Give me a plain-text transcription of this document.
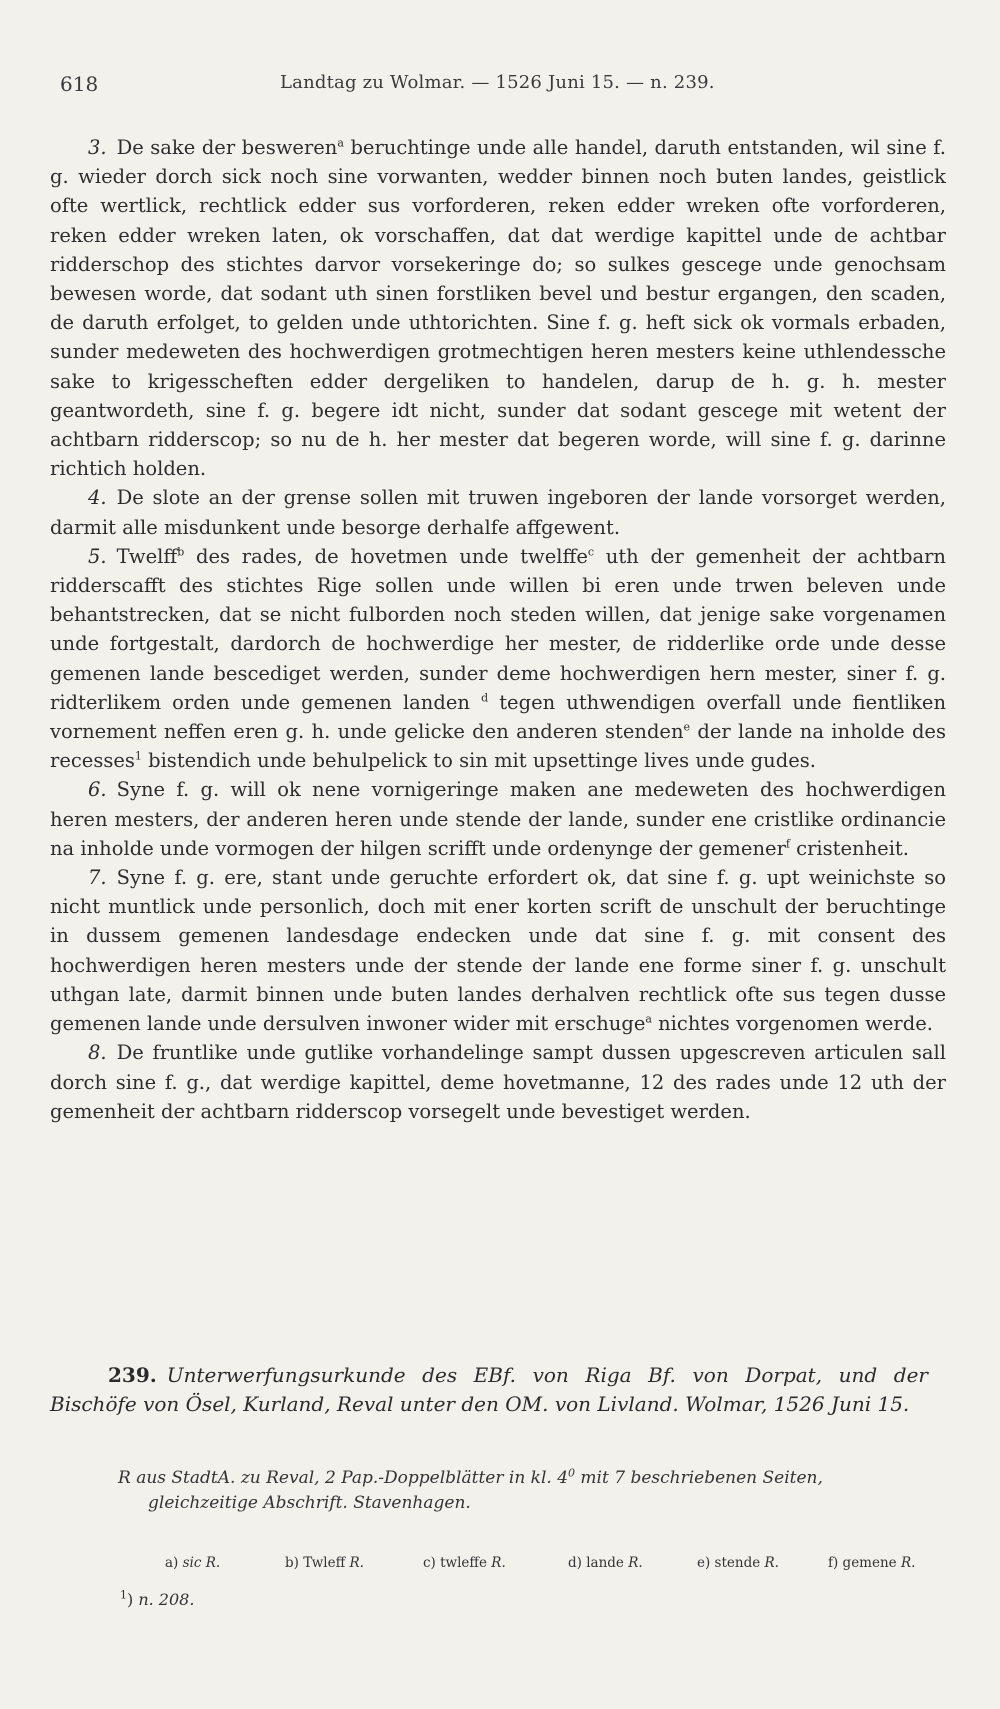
618	Landtag zu Wolmar. — 1526 Juni 15. — n. 239.

3. De sake der besweren$^a$ beruchtinge unde alle handel, daruth entstanden, wil sine f. g. wieder dorch sick noch sine vorwanten, wedder binnen noch buten landes, geistlick ofte wertlick, rechtlick edder sus vorforderen, reken edder wreken ofte vorforderen, reken edder wreken laten, ok vorschaffen, dat dat werdige kapittel unde de achtbar ridderschop des stichtes darvor vorsekeringe do; so sulkes gescege unde genochsam bewesen worde, dat sodant uth sinen forstliken bevel und bestur ergangen, den scaden, de daruth erfolget, to gelden unde uthtorichten. Sine f. g. heft sick ok vormals erbaden, sunder medeweten des hochwerdigen grotmechtigen heren mesters keine uthlendessche sake to krigesscheften edder dergeliken to handelen, darup de h. g. h. mester geantwordeth, sine f. g. begere idt nicht, sunder dat sodant gescege mit wetent der achtbarn ridderscop; so nu de h. her mester dat begeren worde, will sine f. g. darinne richtich holden.

4. De slote an der grense sollen mit truwen ingeboren der lande vorsorget werden, darmit alle misdunkent unde besorge derhalfe affgewent.

5. Twelff$^b$ des rades, de hovetmen unde twelffe$^c$ uth der gemenheit der achtbarn ridderscafft des stichtes Rige sollen unde willen bi eren unde trwen beleven unde behantstrecken, dat se nicht fulborden noch steden willen, dat jenige sake vorgenamen unde fortgestalt, dardorch de hochwerdige her mester, de ridderlike orde unde desse gemenen lande bescediget werden, sunder deme hochwerdigen hern mester, siner f. g. ridterlikem orden unde gemenen landen $^d$ tegen uthwendigen overfall unde fientliken vornement neffen eren g. h. unde gelicke den anderen stenden$^e$ der lande na inholde des recesses$^1$ bistendich unde behulpelick to sin mit upsettinge lives unde gudes.

6. Syne f. g. will ok nene vornigeringe maken ane medeweten des hochwerdigen heren mesters, der anderen heren unde stende der lande, sunder ene cristlike ordinancie na inholde unde vormogen der hilgen scrifft unde ordenynge der gemener$^f$ cristenheit.

7. Syne f. g. ere, stant unde geruchte erfordert ok, dat sine f. g. upt weinichste so nicht muntlick unde personlich, doch mit ener korten scrift de unschult der beruchtinge in dussem gemenen landesdage endecken unde dat sine f. g. mit consent des hochwerdigen heren mesters unde der stende der lande ene forme siner f. g. unschult uthgan late, darmit binnen unde buten landes derhalven rechtlick ofte sus tegen dusse gemenen lande unde dersulven inwoner wider mit erschuge$^a$ nichtes vorgenomen werde.

8. De fruntlike unde gutlike vorhandelinge sampt dussen upgescreven articulen sall dorch sine f. g., dat werdige kapittel, deme hovetmanne, 12 des rades unde 12 uth der gemenheit der achtbarn ridderscop vorsegelt unde bevestiget werden.

239. Unterwerfungsurkunde des EBf. von Riga Bf. von Dorpat, und der Bischöfe von Ösel, Kurland, Reval unter den OM. von Livland. Wolmar, 1526 Juni 15.

R aus StadtA. zu Reval, 2 Pap.-Doppelblätter in kl. $4^0$ mit 7 beschriebenen Seiten, gleichzeitige Abschrift. Stavenhagen.

a) sic R.	b) Twleff R.	c) twleffe R.	d) lande R.	e) stende R.	f) gemene R.
$^1$) n. 208.
